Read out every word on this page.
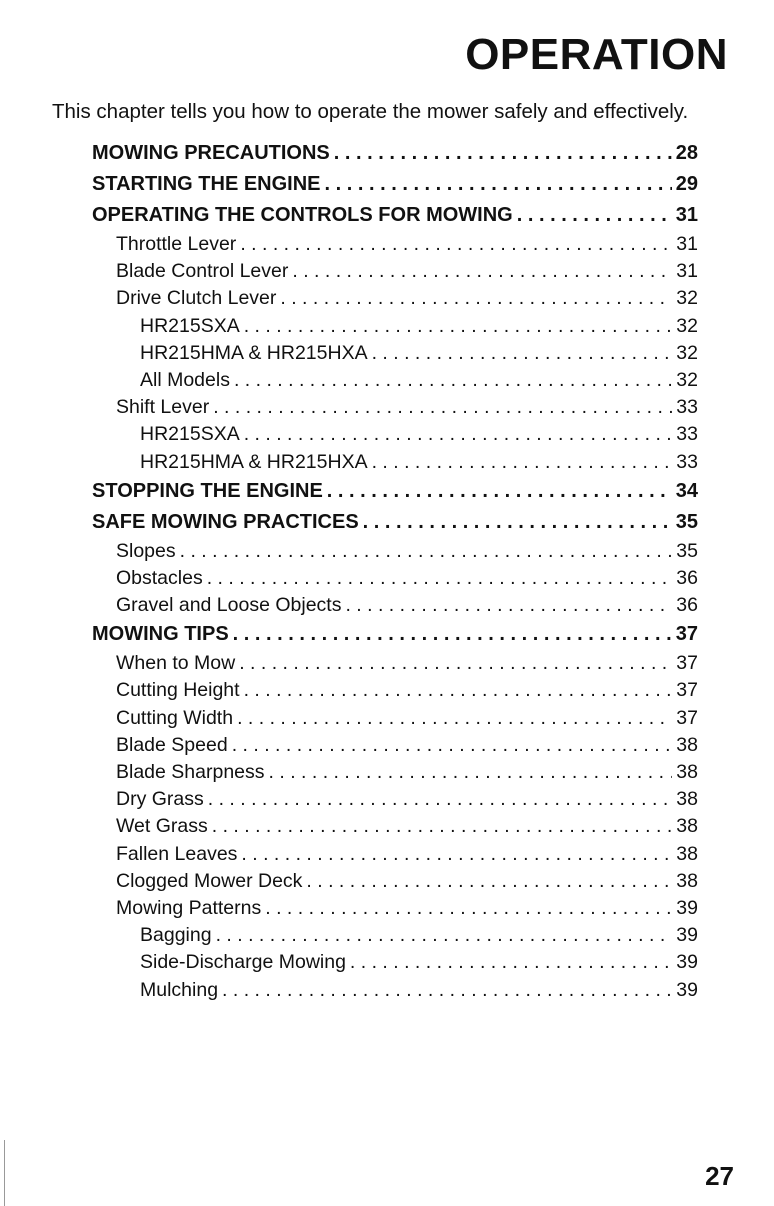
OPERATION

This chapter tells you how to operate the mower safely and effectively.

MOWING PRECAUTIONS . . .	28
STARTING THE ENGINE . . .	29
OPERATING THE CONTROLS FOR MOWING . . .	31
Throttle Lever . . .	31
Blade Control Lever . . .	31
Drive Clutch Lever . . .	32
HR215SXA . . .	32
HR215HMA & HR215HXA . . .	32
All Models . . .	32
Shift Lever . . .	33
HR215SXA . . .	33
HR215HMA & HR215HXA . . .	33
STOPPING THE ENGINE . . .	34
SAFE MOWING PRACTICES . . .	35
Slopes . . .	35
Obstacles . . .	36
Gravel and Loose Objects . . .	36
MOWING TIPS . . .	37
When to Mow . . .	37
Cutting Height . . .	37
Cutting Width . . .	37
Blade Speed . . .	38
Blade Sharpness . . .	38
Dry Grass . . .	38
Wet Grass . . .	38
Fallen Leaves . . .	38
Clogged Mower Deck . . .	38
Mowing Patterns . . .	39
Bagging . . .	39
Side-Discharge Mowing . . .	39
Mulching . . .	39

27
